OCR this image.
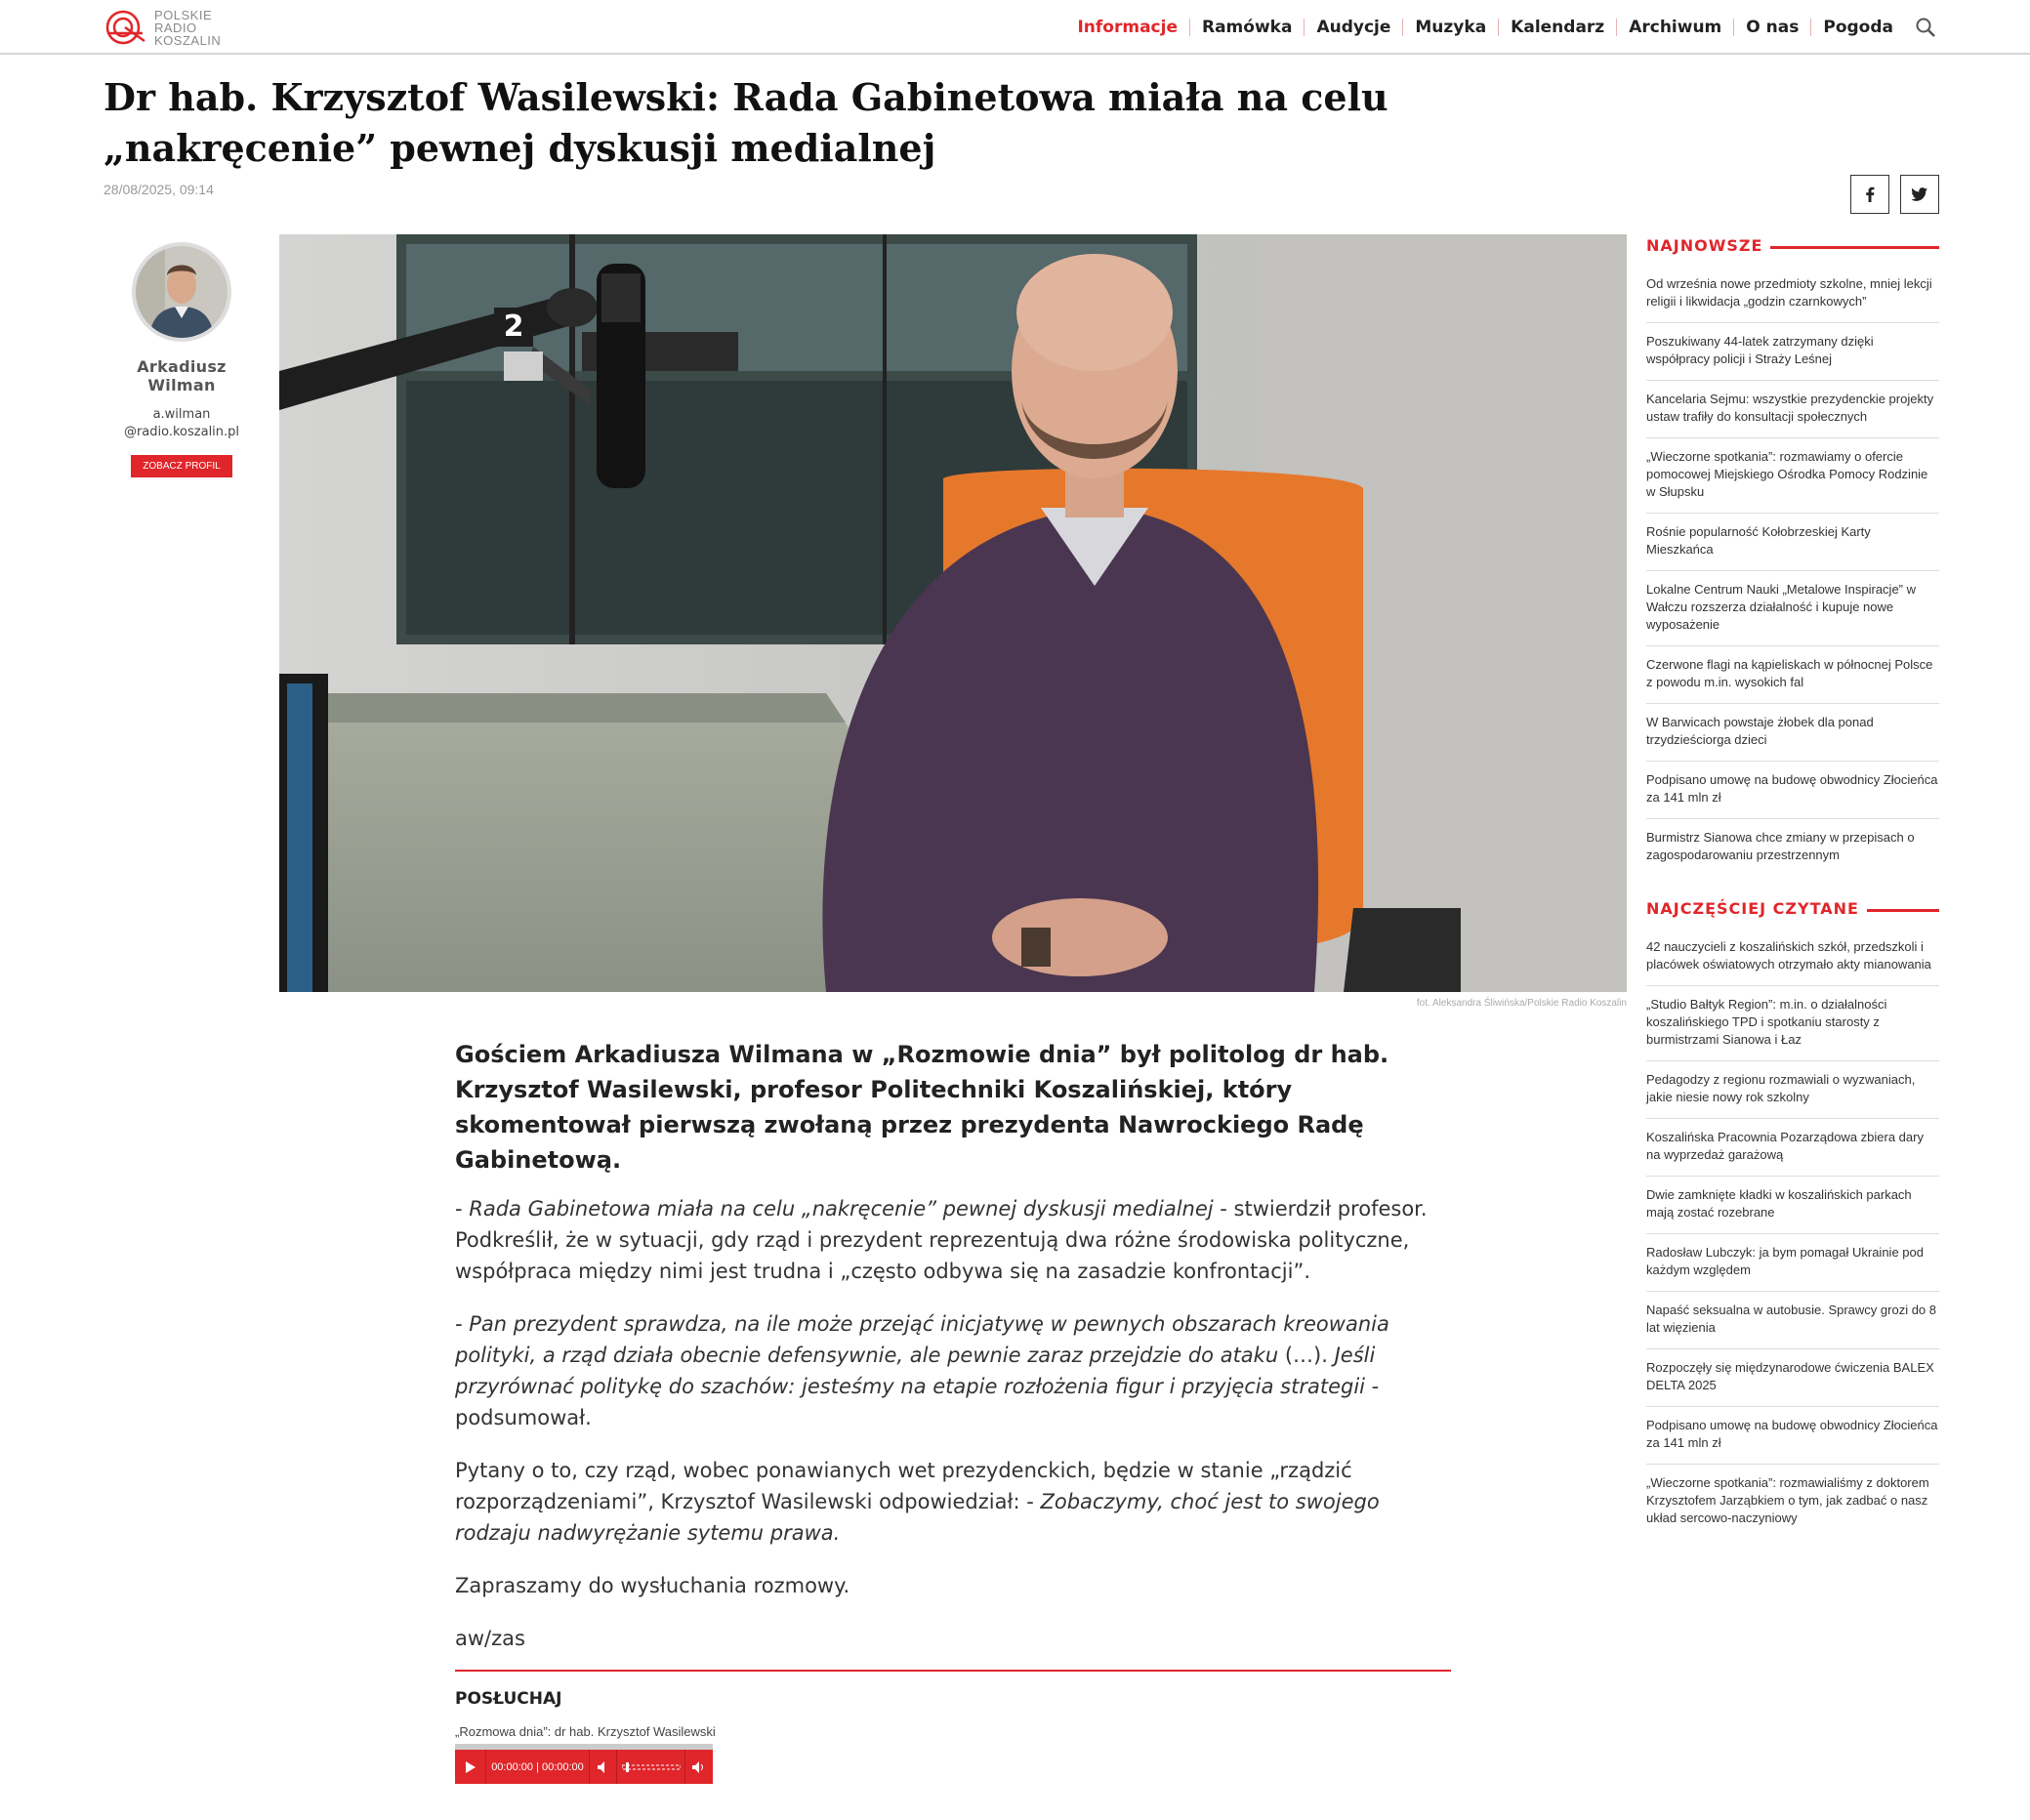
POLSKIE
RADIO
KOSZALIN
Informacje	Ramówka	Audycje	Muzyka	Kalendarz	Archiwum	O nas	Pogoda
Dr hab. Krzysztof Wasilewski: Rada Gabinetowa miała na celu „nakręcenie” pewnej dyskusji medialnej
28/08/2025, 09:14
Arkadiusz Wilman
a.wilman
@radio.koszalin.pl
ZOBACZ PROFIL
2
fot. Aleksandra Śliwińska/Polskie Radio Koszalin
Gościem Arkadiusza Wilmana w „Rozmowie dnia” był politolog dr hab. Krzysztof Wasilewski, profesor Politechniki Koszalińskiej, który skomentował pierwszą zwołaną przez prezydenta Nawrockiego Radę Gabinetową.

- Rada Gabinetowa miała na celu „nakręcenie” pewnej dyskusji medialnej - stwierdził profesor. Podkreślił, że w sytuacji, gdy rząd i prezydent reprezentują dwa różne środowiska polityczne, współpraca między nimi jest trudna i „często odbywa się na zasadzie konfrontacji”.

- Pan prezydent sprawdza, na ile może przejąć inicjatywę w pewnych obszarach kreowania polityki, a rząd działa obecnie defensywnie, ale pewnie zaraz przejdzie do ataku (…). Jeśli przyrównać politykę do szachów: jesteśmy na etapie rozłożenia figur i przyjęcia strategii - podsumował.

Pytany o to, czy rząd, wobec ponawianych wet prezydenckich, będzie w stanie „rządzić rozporządzeniami”, Krzysztof Wasilewski odpowiedział: - Zobaczymy, choć jest to swojego rodzaju nadwyrężanie sytemu prawa.

Zapraszamy do wysłuchania rozmowy.

aw/zas

POSŁUCHAJ
„Rozmowa dnia”: dr hab. Krzysztof Wasilewski
00:00:00 | 00:00:00
NAJNOWSZE
Od września nowe przedmioty szkolne, mniej lekcji religii i likwidacja „godzin czarnkowych”
Poszukiwany 44-latek zatrzymany dzięki współpracy policji i Straży Leśnej
Kancelaria Sejmu: wszystkie prezydenckie projekty ustaw trafiły do konsultacji społecznych
„Wieczorne spotkania”: rozmawiamy o ofercie pomocowej Miejskiego Ośrodka Pomocy Rodzinie w Słupsku
Rośnie popularność Kołobrzeskiej Karty Mieszkańca
Lokalne Centrum Nauki „Metalowe Inspiracje” w Wałczu rozszerza działalność i kupuje nowe wyposażenie
Czerwone flagi na kąpieliskach w północnej Polsce z powodu m.in. wysokich fal
W Barwicach powstaje żłobek dla ponad trzydzieściorga dzieci
Podpisano umowę na budowę obwodnicy Złocieńca za 141 mln zł
Burmistrz Sianowa chce zmiany w przepisach o zagospodarowaniu przestrzennym
NAJCZĘŚCIEJ CZYTANE
42 nauczycieli z koszalińskich szkół, przedszkoli i placówek oświatowych otrzymało akty mianowania
„Studio Bałtyk Region”: m.in. o działalności koszalińskiego TPD i spotkaniu starosty z burmistrzami Sianowa i Łaz
Pedagodzy z regionu rozmawiali o wyzwaniach, jakie niesie nowy rok szkolny
Koszalińska Pracownia Pozarządowa zbiera dary na wyprzedaż garażową
Dwie zamknięte kładki w koszalińskich parkach mają zostać rozebrane
Radosław Lubczyk: ja bym pomagał Ukrainie pod każdym względem
Napaść seksualna w autobusie. Sprawcy grozi do 8 lat więzienia
Rozpoczęły się międzynarodowe ćwiczenia BALEX DELTA 2025
Podpisano umowę na budowę obwodnicy Złocieńca za 141 mln zł
„Wieczorne spotkania”: rozmawialiśmy z doktorem Krzysztofem Jarząbkiem o tym, jak zadbać o nasz układ sercowo-naczyniowy
